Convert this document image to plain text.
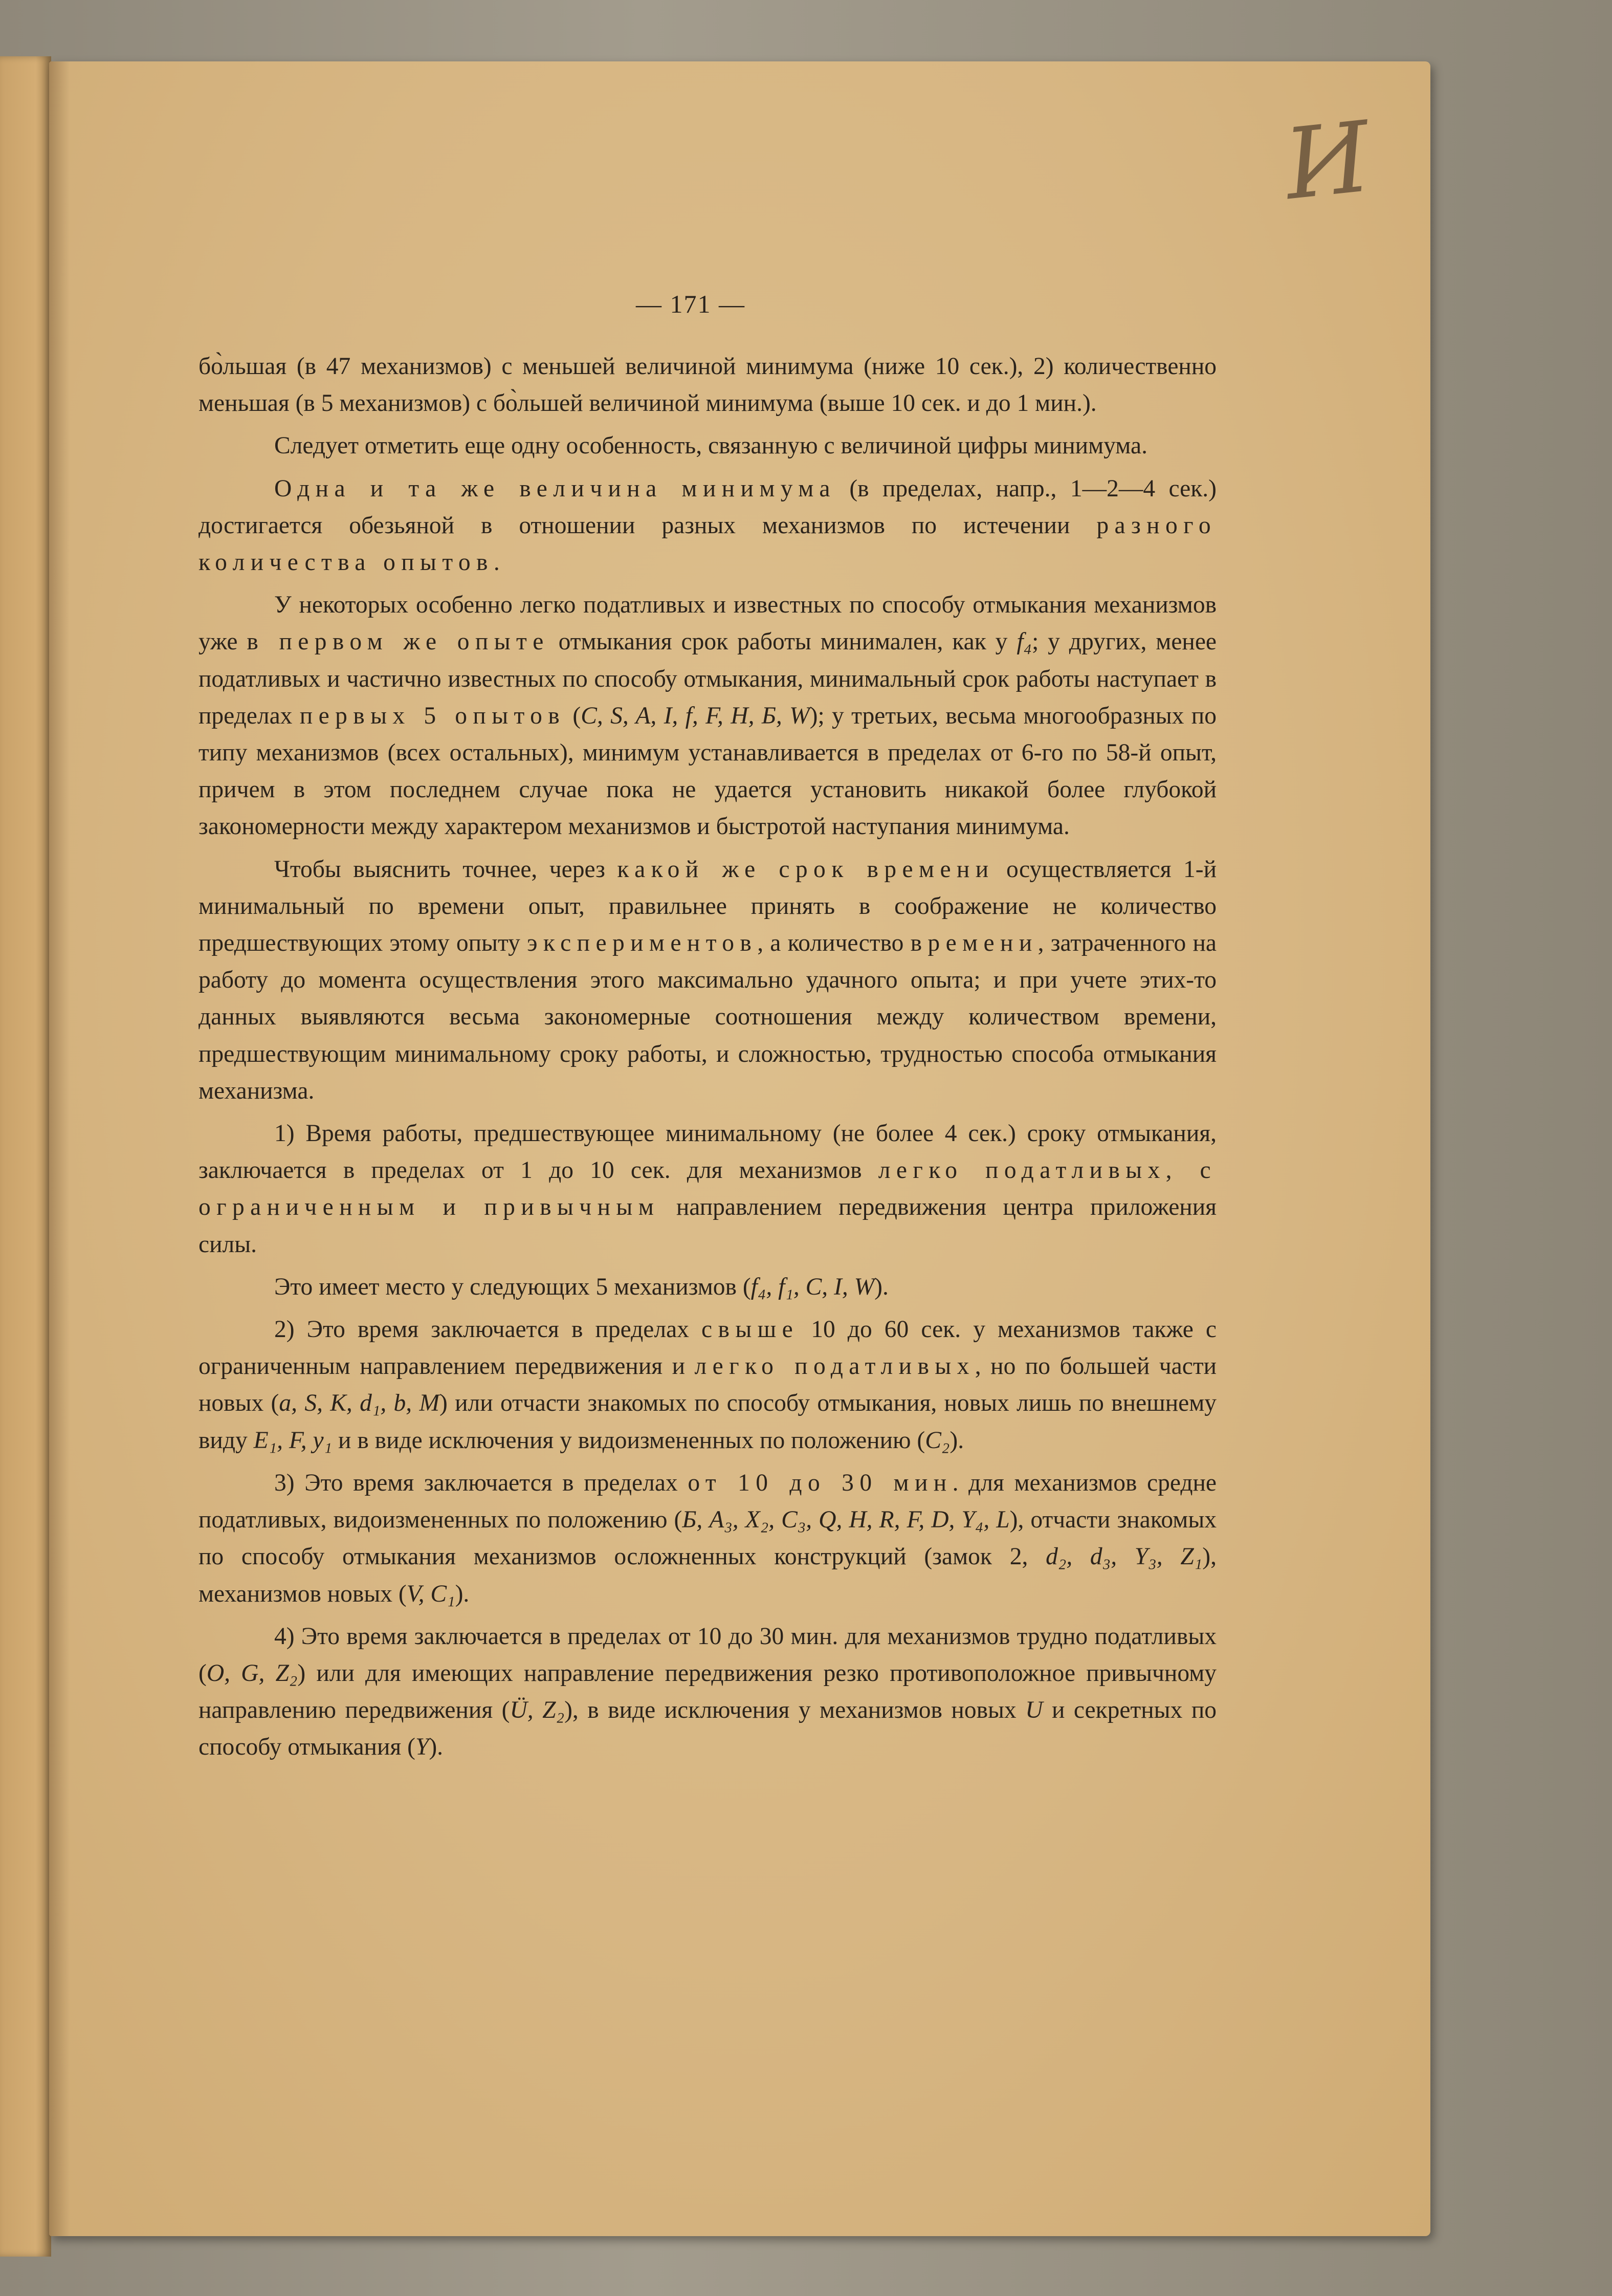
И
— 171 —

бо̀льшая (в 47 механизмов) с меньшей величиной минимума (ниже 10 сек.), 2) количественно меньшая (в 5 механизмов) с бо̀льшей величиной минимума (выше 10 сек. и до 1 мин.).

Следует отметить еще одну особенность, связанную с величиной цифры минимума.

Одна и та же величина минимума (в пределах, напр., 1—2—4 сек.) достигается обезьяной в отношении разных механизмов по истечении разного количества опытов.

У некоторых особенно легко податливых и известных по способу отмыкания механизмов уже в первом же опыте отмыкания срок работы минимален, как у f₄; у других, менее податливых и частично известных по способу отмыкания, минимальный срок работы наступает в пределах первых 5 опытов (C, S, A, I, f, F, H, Б, W); у третьих, весьма многообразных по типу механизмов (всех остальных), минимум устанавливается в пределах от 6-го по 58-й опыт, причем в этом последнем случае пока не удается установить никакой более глубокой закономерности между характером механизмов и быстротой наступания минимума.

Чтобы выяснить точнее, через какой же срок времени осуществляется 1-й минимальный по времени опыт, правильнее принять в соображение не количество предшествующих этому опыту экспериментов, а количество времени, затраченного на работу до момента осуществления этого максимально удачного опыта; и при учете этих-то данных выявляются весьма закономерные соотношения между количеством времени, предшествующим минимальному сроку работы, и сложностью, трудностью способа отмыкания механизма.

1) Время работы, предшествующее минимальному (не более 4 сек.) сроку отмыкания, заключается в пределах от 1 до 10 сек. для механизмов легко податливых, с ограниченным и привычным направлением передвижения центра приложения силы.

Это имеет место у следующих 5 механизмов (f₄, f₁, C, I, W).

2) Это время заключается в пределах свыше 10 до 60 сек. у механизмов также с ограниченным направлением передвижения и легко податливых, но по большей части новых (a, S, K, d₁, b, M) или отчасти знакомых по способу отмыкания, новых лишь по внешнему виду E₁, F, y₁ и в виде исключения у видоизмененных по положению (C₂).

3) Это время заключается в пределах от 10 до 30 мин. для механизмов средне податливых, видоизмененных по положению (Б, A₃, X₂, C₃, Q, H, R, F, D, Y₄, L), отчасти знакомых по способу отмыкания механизмов осложненных конструкций (замок 2, d₂, d₃, Y₃, Z₁), механизмов новых (V, C₁).

4) Это время заключается в пределах от 10 до 30 мин. для механизмов трудно податливых (O, G, Z₂) или для имеющих направление передвижения резко противоположное привычному направлению передвижения (Ü, Z₂), в виде исключения у механизмов новых U и секретных по способу отмыкания (Y).
